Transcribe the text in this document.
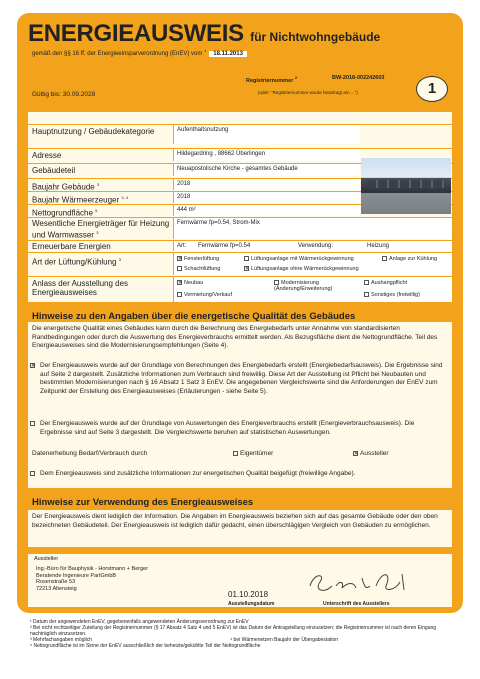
ENERGIEAUSWEIS für Nichtwohngebäude
gemäß den §§ 16 ff. der Energieeinsparverordnung (EnEV) vom $^1$18.11.2013
Gültig bis: 30.09.2028
Registriernummer $^2$	BW-2018-002242603
(oder: "Registriernummer wurde beantragt am ...")	1
Hauptnutzung / Gebäudekategorie	Aufenthaltsnutzung
Adresse	Hildegardring , 88662 Überlingen
Gebäudeteil	Neuapostolische Kirche - gesamtes Gebäude
Baujahr Gebäude $^3$	2018
Baujahr Wärmeerzeuger $^{3, 4}$	2018
Nettogrundfläche $^5$	444 m²
Wesentliche Energieträger für Heizung und Warmwasser $^3$
Fernwärme fp=0.54, Strom-Mix
Erneuerbare Energien	Art: Fernwärme fp=0.54	Verwendung:	Heizung
Art der Lüftung/Kühlung $^3$ ✕	Fensterlüftung	Lüftungsanlage mit Wärmerückgewinnung	Anlage zur Kühlung
Schachtlüftung ✕	Lüftungsanlage ohne Wärmerückgewinnung
Anlass der Ausstellung des Energieausweises
✕Neubau	Modernisierung (Änderung/Erweiterung)
Aushangpflicht
Vermietung/Verkauf	Sonstiges (freiwillig)
Hinweise zu den Angaben über die energetische Qualität des Gebäudes
Die energetische Qualität eines Gebäudes kann durch die Berechnung des Energiebedarfs unter Annahme von standardisierten Randbedingungen oder durch die Auswertung des Energieverbrauchs ermittelt werden. Als Bezugsfläche dient die Nettogrundfläche. Teil des Energieausweises sind die Modernisierungsempfehlungen (Seite 4).
✕
Der Energieausweis wurde auf der Grundlage von Berechnungen des Energiebedarfs erstellt (Energiebedarfsausweis). Die Ergebnisse sind auf Seite 2 dargestellt. Zusätzliche Informationen zum Verbrauch sind freiwillig. Diese Art der Ausstellung ist Pflicht bei Neubauten und bestimmten Modernisierungen nach § 16 Absatz 1 Satz 3 EnEV. Die angegebenen Vergleichswerte sind die Anforderungen der EnEV zum Zeitpunkt der Erstellung des Energieausweises (Erläuterungen - siehe Seite 5).
Der Energieausweis wurde auf der Grundlage von Auswertungen des Energieverbrauchs erstellt (Energieverbrauchsausweis). Die Ergebnisse sind auf Seite 3 dargestellt. Die Vergleichswerte beruhen auf statistischen Auswertungen.
Datenerhebung Bedarf/Verbrauch durch	Eigentümer ✕	Aussteller
Dem Energieausweis sind zusätzliche Informationen zur energetischen Qualität beigefügt (freiwillige Angabe).
Hinweise zur Verwendung des Energieausweises
Der Energieausweis dient lediglich der Information. Die Angaben im Energieausweis beziehen sich auf das gesamte Gebäude oder den oben bezeichneten Gebäudeteil. Der Energieausweis ist lediglich dafür gedacht, einen überschlägigen Vergleich von Gebäuden zu ermöglichen.
Aussteller
Ing.-Büro für Bauphysik - Horstmann + Berger
Beratende Ingenieure PartGmbB
Rosenstraße 53
72213 Altensteig
01.10.2018
Ausstellungsdatum	Unterschrift des Ausstellers
¹ Datum der angewendeten EnEV, gegebenenfalls angewendeten Änderungsverordnung zur EnEV
² Bei nicht rechtzeitiger Zuteilung der Registriernummer (§ 17 Absatz 4 Satz 4 und 5 EnEV) ist das Datum der Antragstellung einzusetzen; die Registriernummer ist nach deren Eingang nachträglich einzusetzen.
³ Mehrfachangaben möglich	⁴ bei Wärmenetzen Baujahr der Übergabestation
⁵ Nettogrundfläche ist im Sinne der EnEV ausschließlich der beheizte/gekühlte Teil der Nettogrundfläche
